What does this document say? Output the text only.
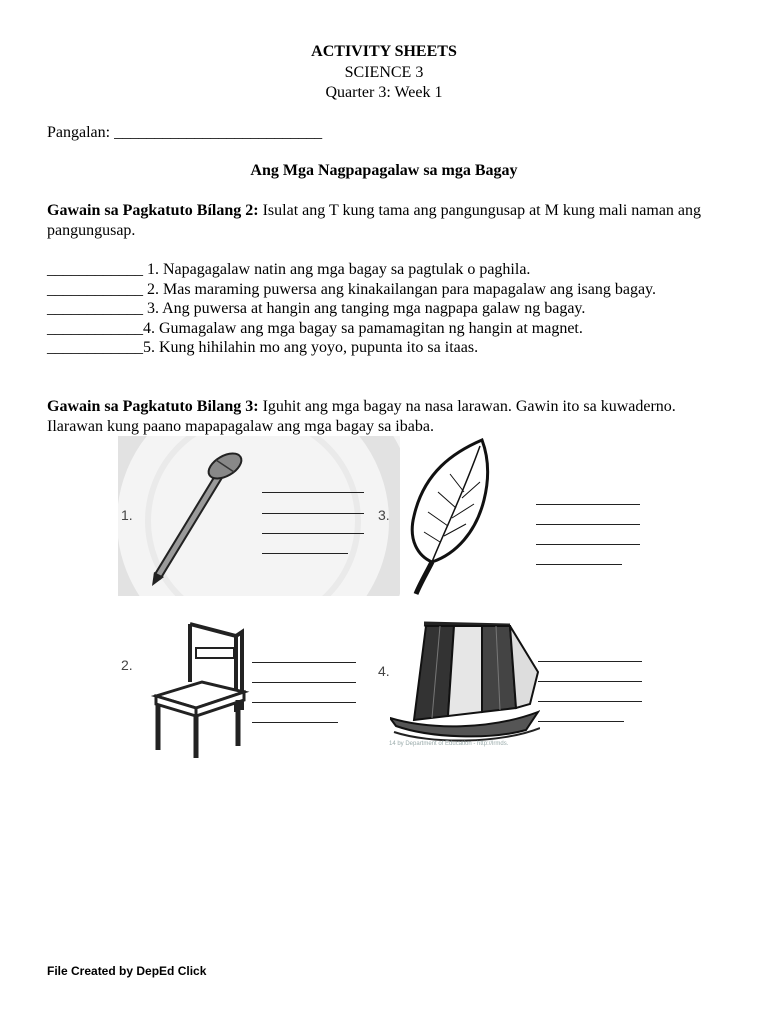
ACTIVITY SHEETS
SCIENCE 3
Quarter 3: Week 1
Pangalan: __________________________
Ang Mga Nagpapagalaw sa mga Bagay
Gawain sa Pagkatuto Bílang 2: Isulat ang T kung tama ang pangungusap at M kung mali naman ang pangungusap.
____________ 1. Napagagalaw natin ang mga bagay sa pagtulak o paghila.
____________ 2. Mas maraming puwersa ang kinakailangan para mapagalaw ang isang bagay.
____________ 3. Ang puwersa at hangin ang tanging mga nagpapa galaw ng bagay.
____________4. Gumagalaw ang mga bagay sa pamamagitan ng hangin at magnet.
____________5. Kung hihilahin mo ang yoyo, pupunta ito sa itaas.
Gawain sa Pagkatuto Bilang 3: Iguhit ang mga bagay na nasa larawan. Gawin ito sa kuwaderno. Ilarawan kung paano mapapagalaw ang mga bagay sa ibaba.
1.	3.
2.	4.
14 by Department of Education - http://lrmds.
File Created by DepEd Click
